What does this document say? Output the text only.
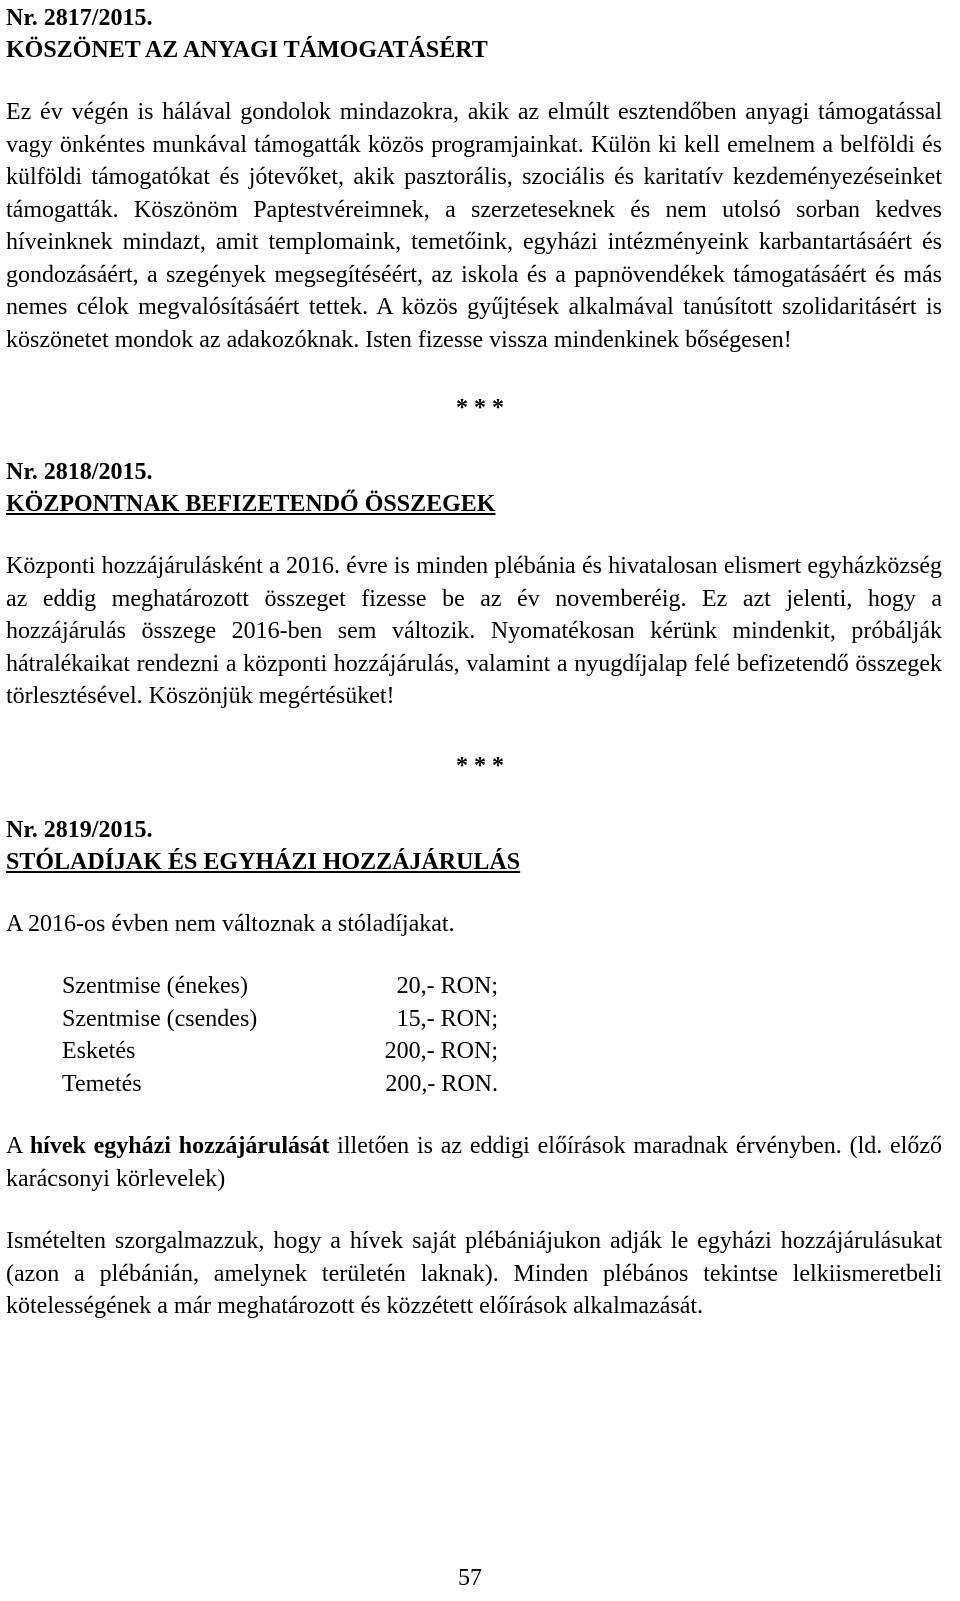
Nr. 2817/2015.

KÖSZÖNET AZ ANYAGI TÁMOGATÁSÉRT

Ez év végén is hálával gondolok mindazokra, akik az elmúlt esztendőben anyagi támogatással vagy önkéntes munkával támogatták közös programjainkat. Külön ki kell emelnem a belföldi és külföldi támogatókat és jótevőket, akik pasztorális, szociális és karitatív kezdeményezéseinket támogatták. Köszönöm Paptestvéreimnek, a szerzeteseknek és nem utolsó sorban kedves híveinknek mindazt, amit templomaink, temetőink, egyházi intézményeink karbantartásáért és gondozásáért, a szegények megsegítéséért, az iskola és a papnövendékek támogatásáért és más nemes célok megvalósításáért tettek. A közös gyűjtések alkalmával tanúsított szolidaritásért is köszönetet mondok az adakozóknak. Isten fizesse vissza mindenkinek bőségesen!

* * *

Nr. 2818/2015.

KÖZPONTNAK BEFIZETENDŐ ÖSSZEGEK

Központi hozzájárulásként a 2016. évre is minden plébánia és hivatalosan elismert egyházközség az eddig meghatározott összeget fizesse be az év novemberéig. Ez azt jelenti, hogy a hozzájárulás összege 2016-ben sem változik. Nyomatékosan kérünk mindenkit, próbálják hátralékaikat rendezni a központi hozzájárulás, valamint a nyugdíjalap felé befizetendő összegek törlesztésével. Köszönjük megértésüket!

* * *

Nr. 2819/2015.

STÓLADÍJAK ÉS EGYHÁZI HOZZÁJÁRULÁS

A 2016-os évben nem változnak a stóladíjakat.

Szentmise (énekes)	20,- RON;
Szentmise (csendes)	15,- RON;
Esketés	200,- RON;
Temetés	200,- RON.

A hívek egyházi hozzájárulását illetően is az eddigi előírások maradnak érvényben. (ld. előző karácsonyi körlevelek)

Ismételten szorgalmazzuk, hogy a hívek saját plébániájukon adják le egyházi hozzájárulásukat (azon a plébánián, amelynek területén laknak). Minden plébános tekintse lelkiismeretbeli kötelességének a már meghatározott és közzétett előírások alkalmazását.

57
